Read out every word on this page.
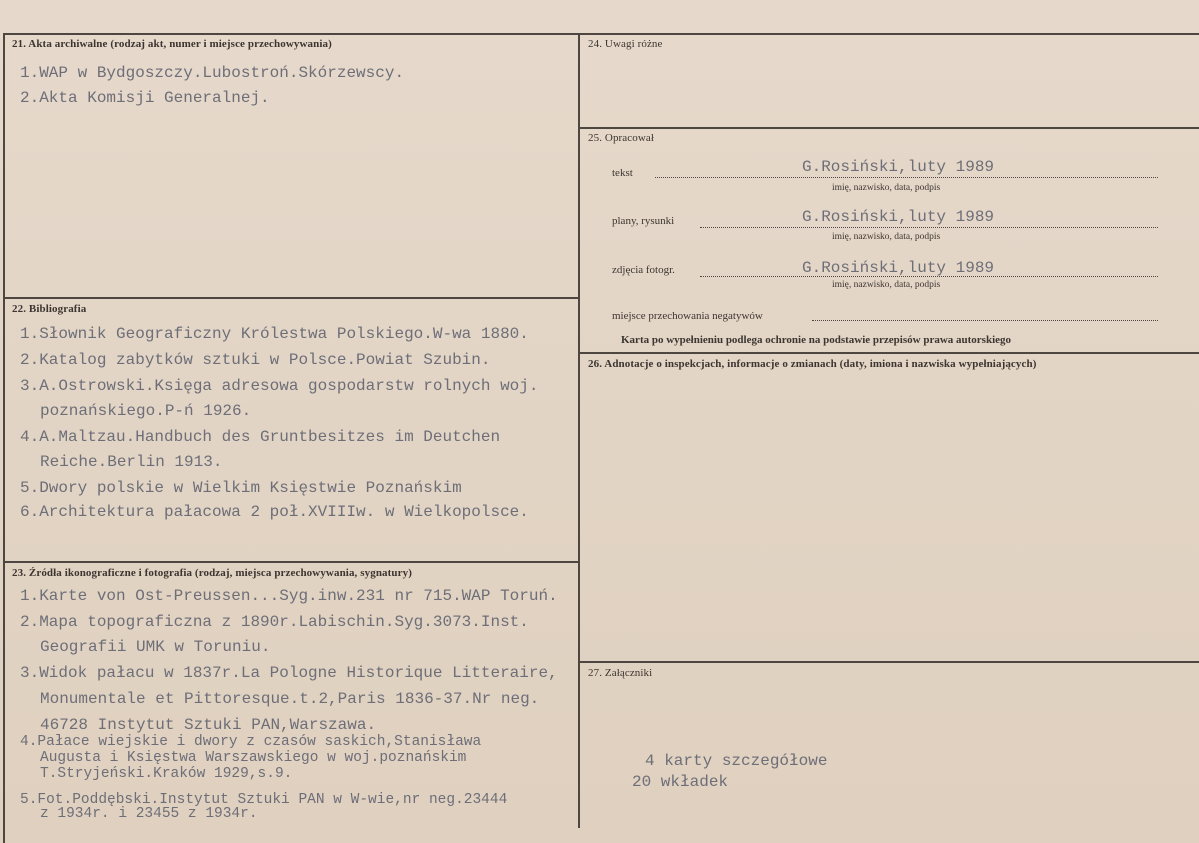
21. Akta archiwalne (rodzaj akt, numer i miejsce przechowywania)
1.WAP w Bydgoszczy.Lubostroń.Skórzewscy.
2.Akta Komisji Generalnej.
22. Bibliografia
1.Słownik Geograficzny Królestwa Polskiego.W-wa 1880.
2.Katalog zabytków sztuki w Polsce.Powiat Szubin.
3.A.Ostrowski.Księga adresowa gospodarstw rolnych woj.
poznańskiego.P-ń 1926.
4.A.Maltzau.Handbuch des Gruntbesitzes im Deutchen
Reiche.Berlin 1913.
5.Dwory polskie w Wielkim Księstwie Poznańskim
6.Architektura pałacowa 2 poł.XVIIIw. w Wielkopolsce.
23. Źródła ikonograficzne i fotografia (rodzaj, miejsca przechowywania, sygnatury)
1.Karte von Ost-Preussen...Syg.inw.231 nr 715.WAP Toruń.
2.Mapa topograficzna z 1890r.Labischin.Syg.3073.Inst.
Geografii UMK w Toruniu.
3.Widok pałacu w 1837r.La Pologne Historique Litteraire,
Monumentale et Pittoresque.t.2,Paris 1836-37.Nr neg.
46728 Instytut Sztuki PAN,Warszawa.
4.Pałace wiejskie i dwory z czasów saskich,Stanisława
Augusta i Księstwa Warszawskiego w woj.poznańskim
T.Stryjeński.Kraków 1929,s.9.
5.Fot.Poddębski.Instytut Sztuki PAN w W-wie,nr neg.23444
z 1934r. i 23455 z 1934r.
24. Uwagi różne
25. Opracował
tekst	G.Rosiński,luty 1989
imię, nazwisko, data, podpis
plany, rysunki	G.Rosiński,luty 1989
imię, nazwisko, data, podpis
zdjęcia fotogr.	G.Rosiński,luty 1989
imię, nazwisko, data, podpis
miejsce przechowania negatywów
Karta po wypełnieniu podlega ochronie na podstawie przepisów prawa autorskiego
26. Adnotacje o inspekcjach, informacje o zmianach (daty, imiona i nazwiska wypełniających)
27. Załączniki
4 karty szczegółowe
20 wkładek
